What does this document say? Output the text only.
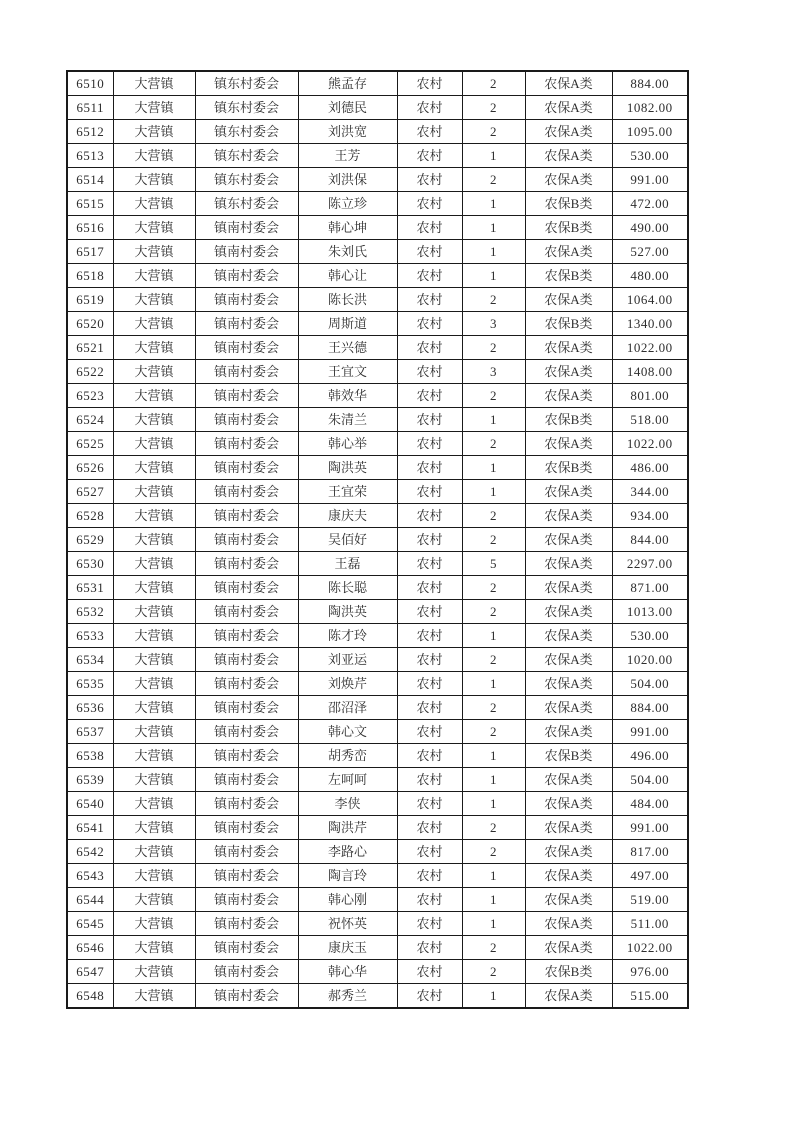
6510	大营镇	镇东村委会	熊孟存	农村	2	农保A类	884.00
6511	大营镇	镇东村委会	刘德民	农村	2	农保A类	1082.00
6512	大营镇	镇东村委会	刘洪宽	农村	2	农保A类	1095.00
6513	大营镇	镇东村委会	王芳	农村	1	农保A类	530.00
6514	大营镇	镇东村委会	刘洪保	农村	2	农保A类	991.00
6515	大营镇	镇东村委会	陈立珍	农村	1	农保B类	472.00
6516	大营镇	镇南村委会	韩心坤	农村	1	农保B类	490.00
6517	大营镇	镇南村委会	朱刘氏	农村	1	农保A类	527.00
6518	大营镇	镇南村委会	韩心让	农村	1	农保B类	480.00
6519	大营镇	镇南村委会	陈长洪	农村	2	农保A类	1064.00
6520	大营镇	镇南村委会	周斯道	农村	3	农保B类	1340.00
6521	大营镇	镇南村委会	王兴德	农村	2	农保A类	1022.00
6522	大营镇	镇南村委会	王宜文	农村	3	农保A类	1408.00
6523	大营镇	镇南村委会	韩效华	农村	2	农保A类	801.00
6524	大营镇	镇南村委会	朱清兰	农村	1	农保B类	518.00
6525	大营镇	镇南村委会	韩心举	农村	2	农保A类	1022.00
6526	大营镇	镇南村委会	陶洪英	农村	1	农保B类	486.00
6527	大营镇	镇南村委会	王宜荣	农村	1	农保A类	344.00
6528	大营镇	镇南村委会	康庆夫	农村	2	农保A类	934.00
6529	大营镇	镇南村委会	吴佰好	农村	2	农保A类	844.00
6530	大营镇	镇南村委会	王磊	农村	5	农保A类	2297.00
6531	大营镇	镇南村委会	陈长聪	农村	2	农保A类	871.00
6532	大营镇	镇南村委会	陶洪英	农村	2	农保A类	1013.00
6533	大营镇	镇南村委会	陈才玲	农村	1	农保A类	530.00
6534	大营镇	镇南村委会	刘亚运	农村	2	农保A类	1020.00
6535	大营镇	镇南村委会	刘焕芹	农村	1	农保A类	504.00
6536	大营镇	镇南村委会	邵沼泽	农村	2	农保A类	884.00
6537	大营镇	镇南村委会	韩心文	农村	2	农保A类	991.00
6538	大营镇	镇南村委会	胡秀峦	农村	1	农保B类	496.00
6539	大营镇	镇南村委会	左呵呵	农村	1	农保A类	504.00
6540	大营镇	镇南村委会	李侠	农村	1	农保A类	484.00
6541	大营镇	镇南村委会	陶洪芹	农村	2	农保A类	991.00
6542	大营镇	镇南村委会	李路心	农村	2	农保A类	817.00
6543	大营镇	镇南村委会	陶言玲	农村	1	农保A类	497.00
6544	大营镇	镇南村委会	韩心刚	农村	1	农保A类	519.00
6545	大营镇	镇南村委会	祝怀英	农村	1	农保A类	511.00
6546	大营镇	镇南村委会	康庆玉	农村	2	农保A类	1022.00
6547	大营镇	镇南村委会	韩心华	农村	2	农保B类	976.00
6548	大营镇	镇南村委会	郝秀兰	农村	1	农保A类	515.00
